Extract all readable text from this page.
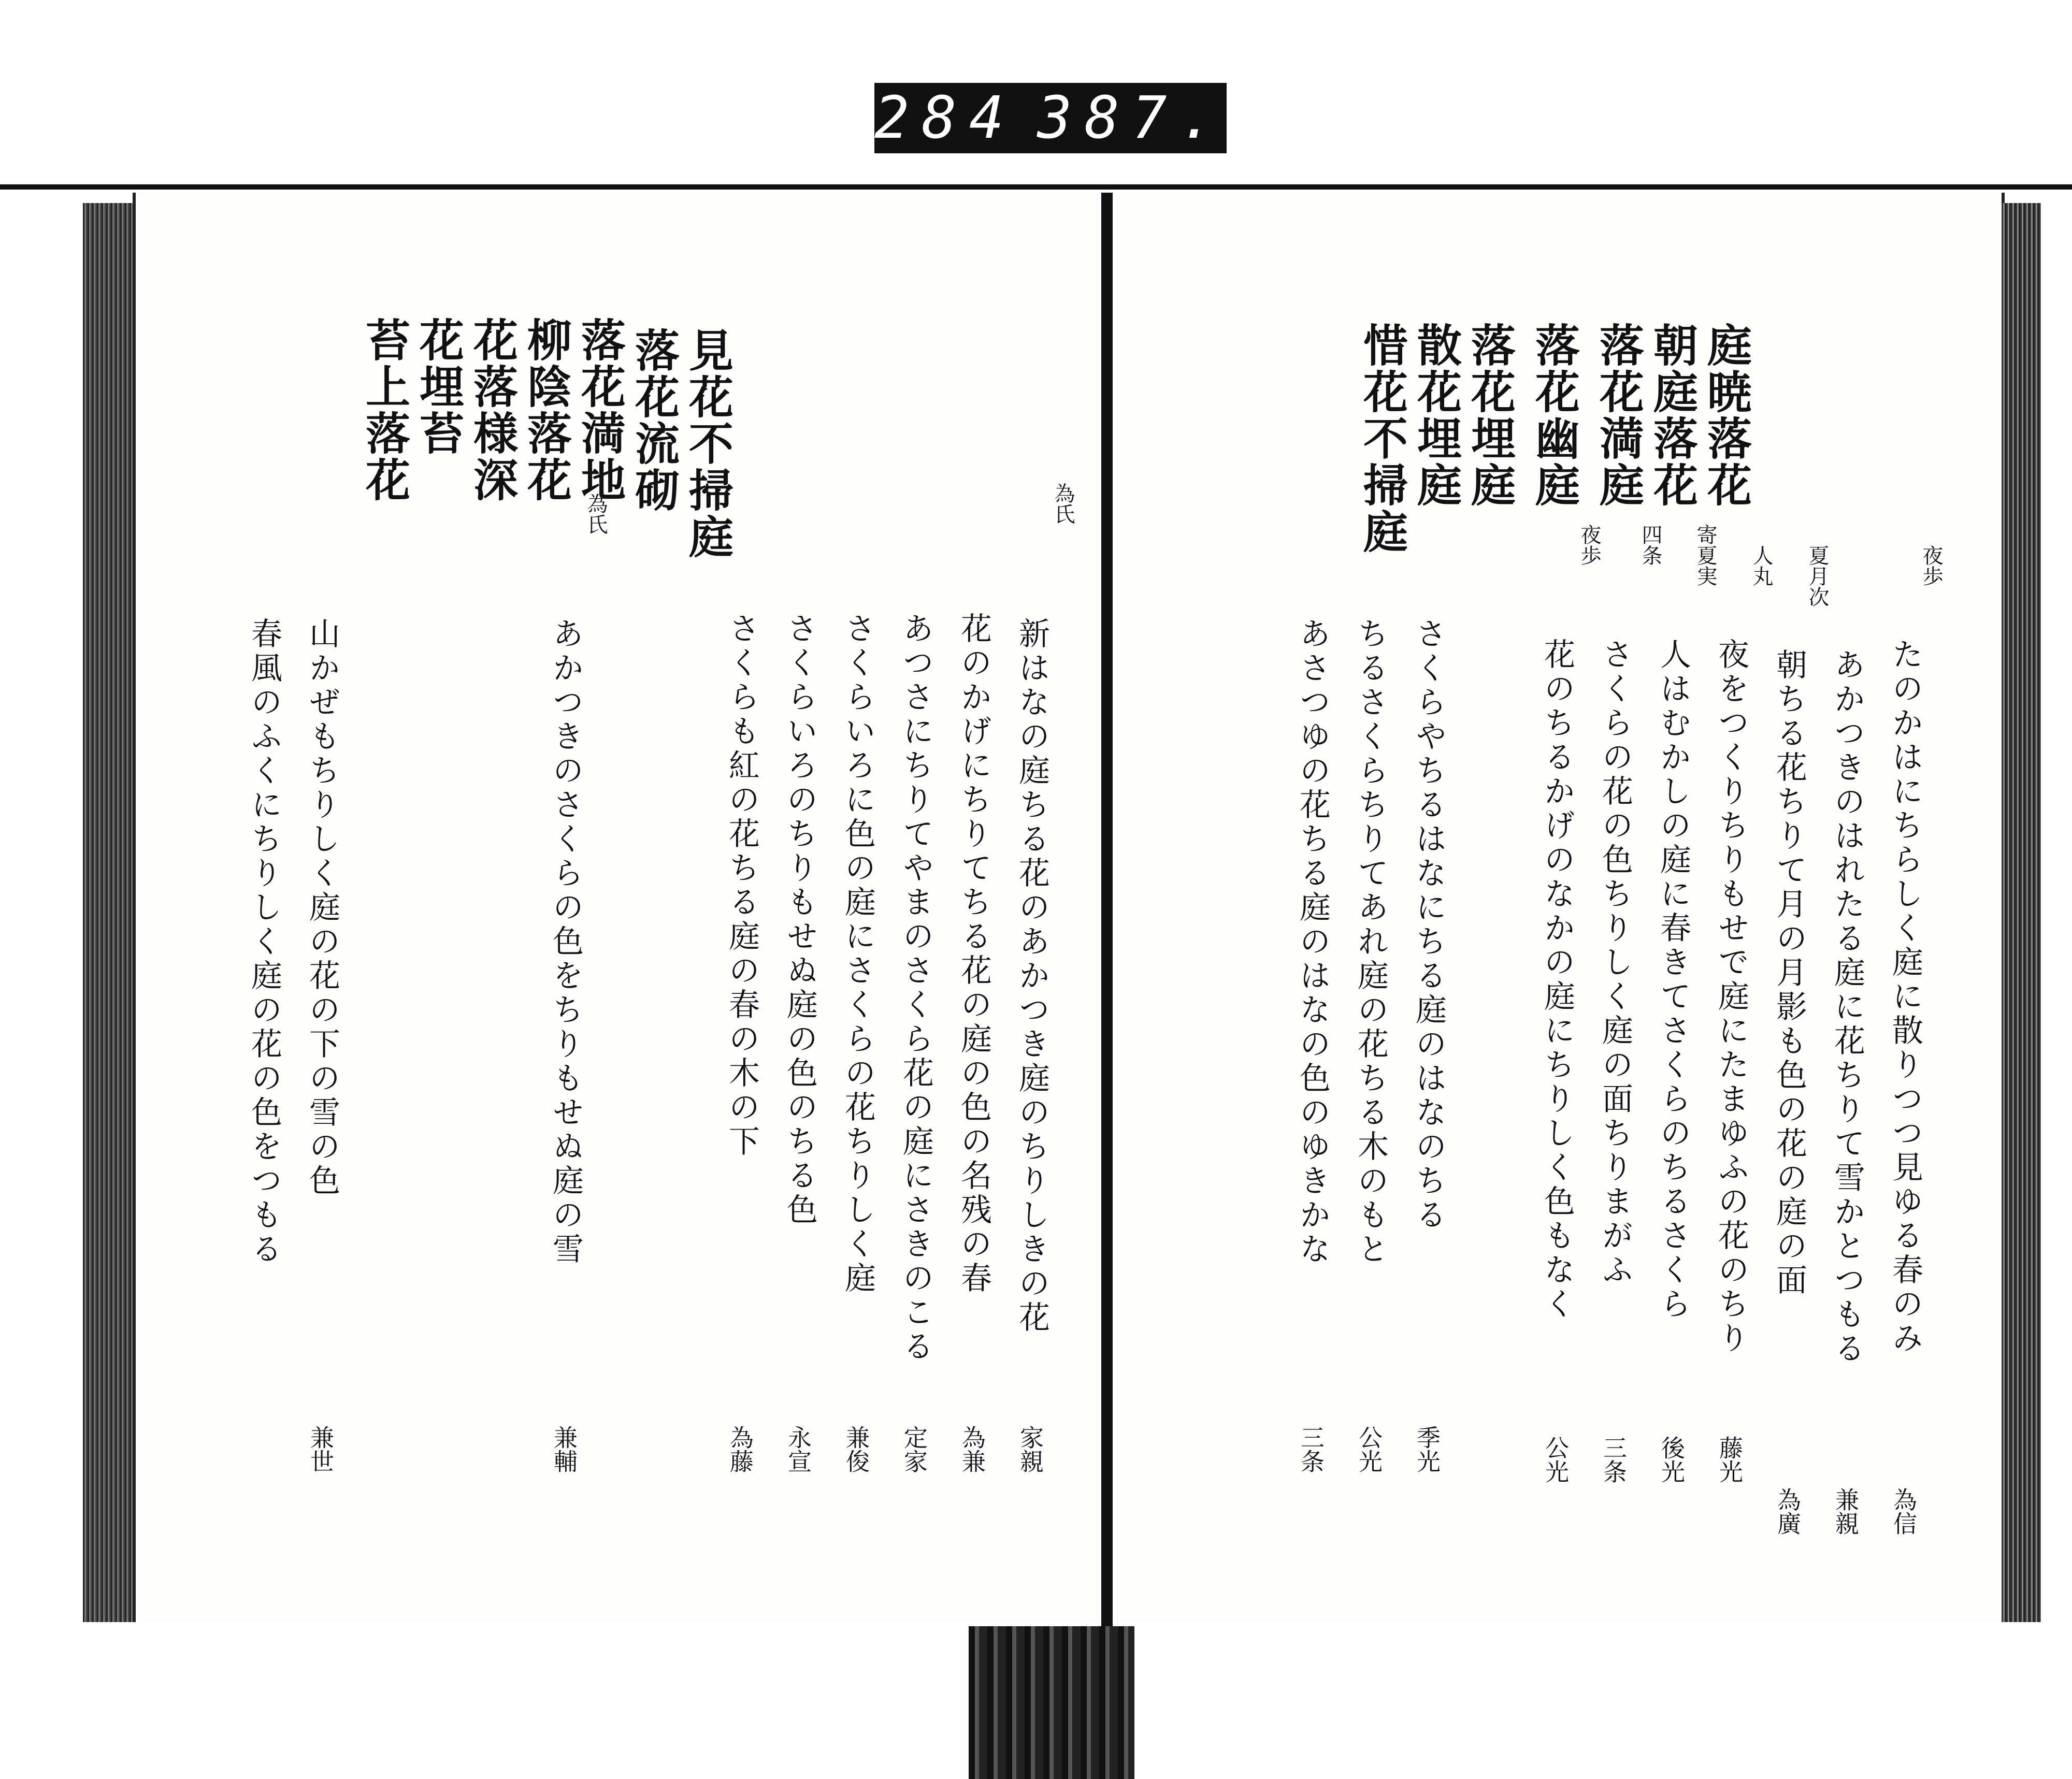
284 387.
見花不掃庭
落花流砌
落花満地
柳陰落花
花落様深
花埋苔
苔上落花	為氏
為氏
新はなの庭ちる花のあかつき庭のちりしきの花
家親
花のかげにちりてちる花の庭の色の名残の春
為兼
あつさにちりてやまのさくら花の庭にさきのこる
定家
さくらいろに色の庭にさくらの花ちりしく庭
兼俊
さくらいろのちりもせぬ庭の色のちる色
永宣
さくらも紅の花ちる庭の春の木の下
為藤
あかつきのさくらの色をちりもせぬ庭の雪
兼輔
山かぜもちりしく庭の花の下の雪の色
兼世
春風のふくにちりしく庭の花の色をつもる
庭暁落花
朝庭落花
落花満庭
落花幽庭
落花埋庭
散花埋庭
惜花不掃庭
夜歩
夏月次
人丸
寄夏実
四条
夜歩
たのかはにちらしく庭に散りつつ見ゆる春のみ
為信
あかつきのはれたる庭に花ちりて雪かとつもる
兼親
朝ちる花ちりて月の月影も色の花の庭の面
為廣
夜をつくりちりもせで庭にたまゆふの花のちり
藤光
人はむかしの庭に春きてさくらのちるさくら
後光
さくらの花の色ちりしく庭の面ちりまがふ
三条
花のちるかげのなかの庭にちりしく色もなく
公光
さくらやちるはなにちる庭のはなのちる
季光
ちるさくらちりてあれ庭の花ちる木のもと
公光
あさつゆの花ちる庭のはなの色のゆきかな
三条
